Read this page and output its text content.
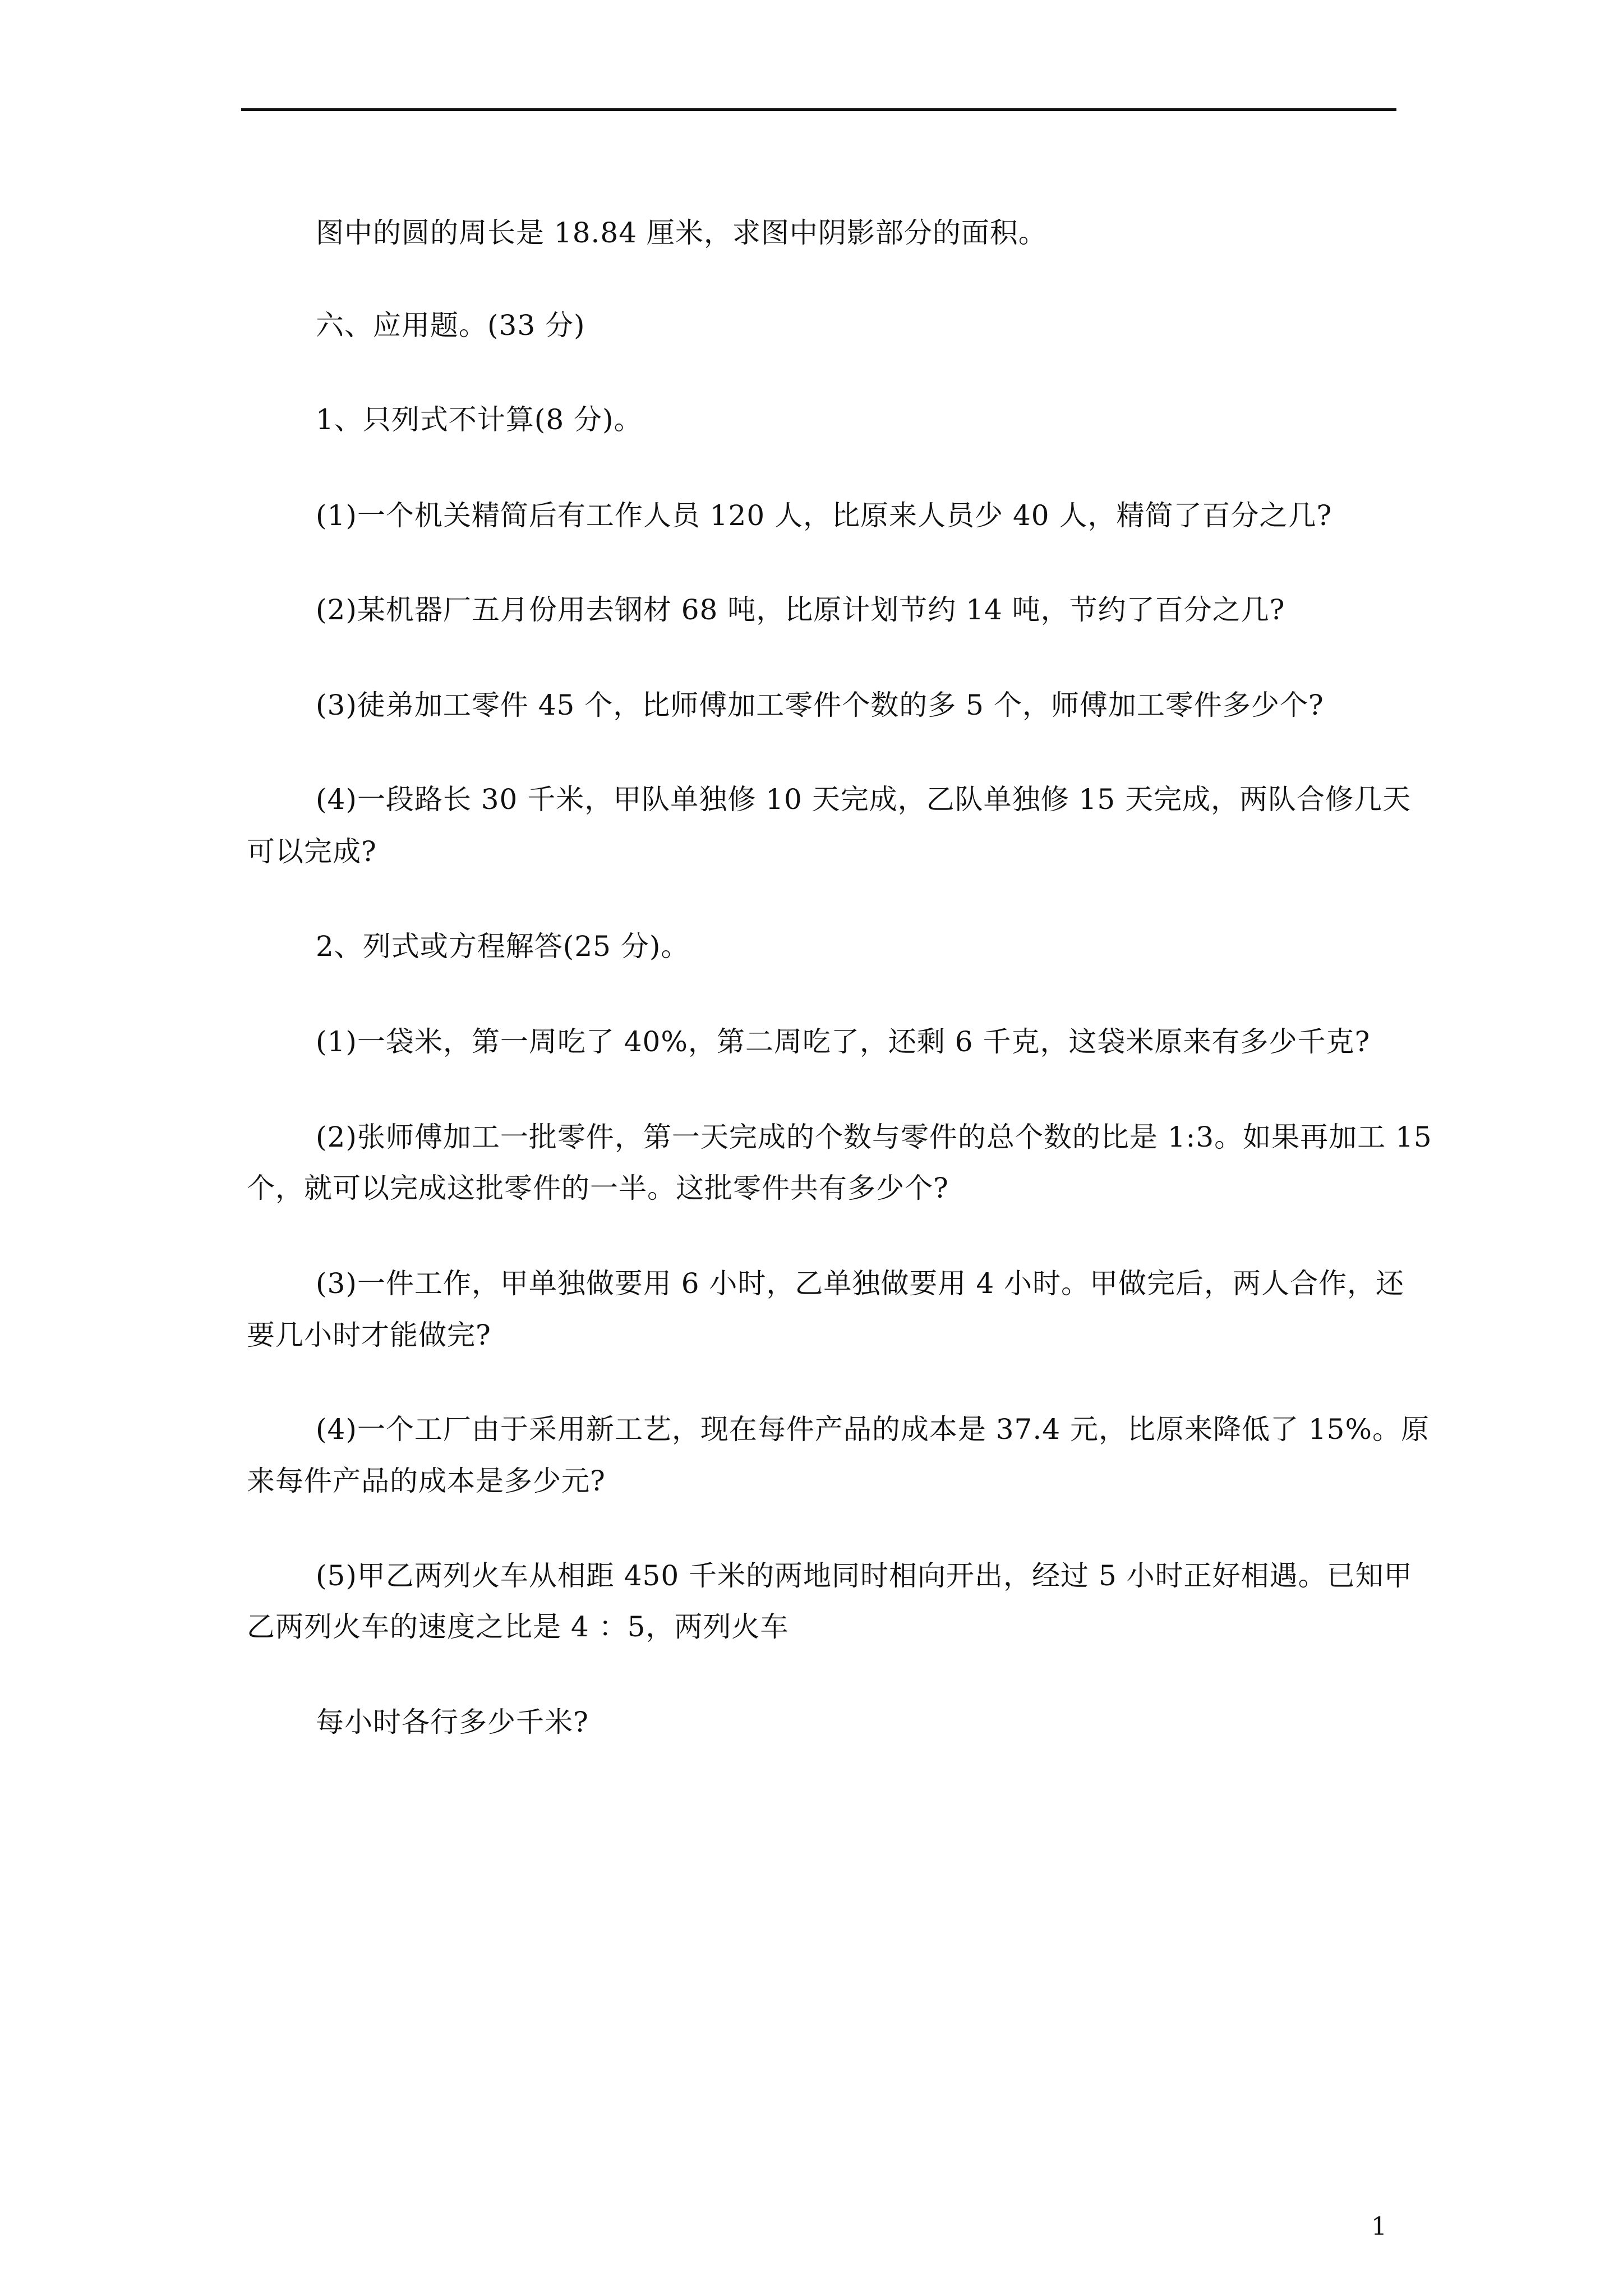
图中的圆的周长是 18.84 厘米，求图中阴影部分的面积。
六、应用题。(33 分)
1、只列式不计算(8 分)。
(1)一个机关精简后有工作人员 120 人，比原来人员少 40 人，精简了百分之几?
(2)某机器厂五月份用去钢材 68 吨，比原计划节约 14 吨，节约了百分之几?
(3)徒弟加工零件 45 个，比师傅加工零件个数的多 5 个，师傅加工零件多少个?
(4)一段路长 30 千米，甲队单独修 10 天完成，乙队单独修 15 天完成，两队合修几天
可以完成?
2、列式或方程解答(25 分)。
(1)一袋米，第一周吃了 40%，第二周吃了，还剩 6 千克，这袋米原来有多少千克?
(2)张师傅加工一批零件，第一天完成的个数与零件的总个数的比是 1:3。如果再加工 15
个，就可以完成这批零件的一半。这批零件共有多少个?
(3)一件工作，甲单独做要用 6 小时，乙单独做要用 4 小时。甲做完后，两人合作，还
要几小时才能做完?
(4)一个工厂由于采用新工艺，现在每件产品的成本是 37.4 元，比原来降低了 15%。原
来每件产品的成本是多少元?
(5)甲乙两列火车从相距 450 千米的两地同时相向开出，经过 5 小时正好相遇。已知甲
乙两列火车的速度之比是 4 ：5，两列火车
每小时各行多少千米?
1
